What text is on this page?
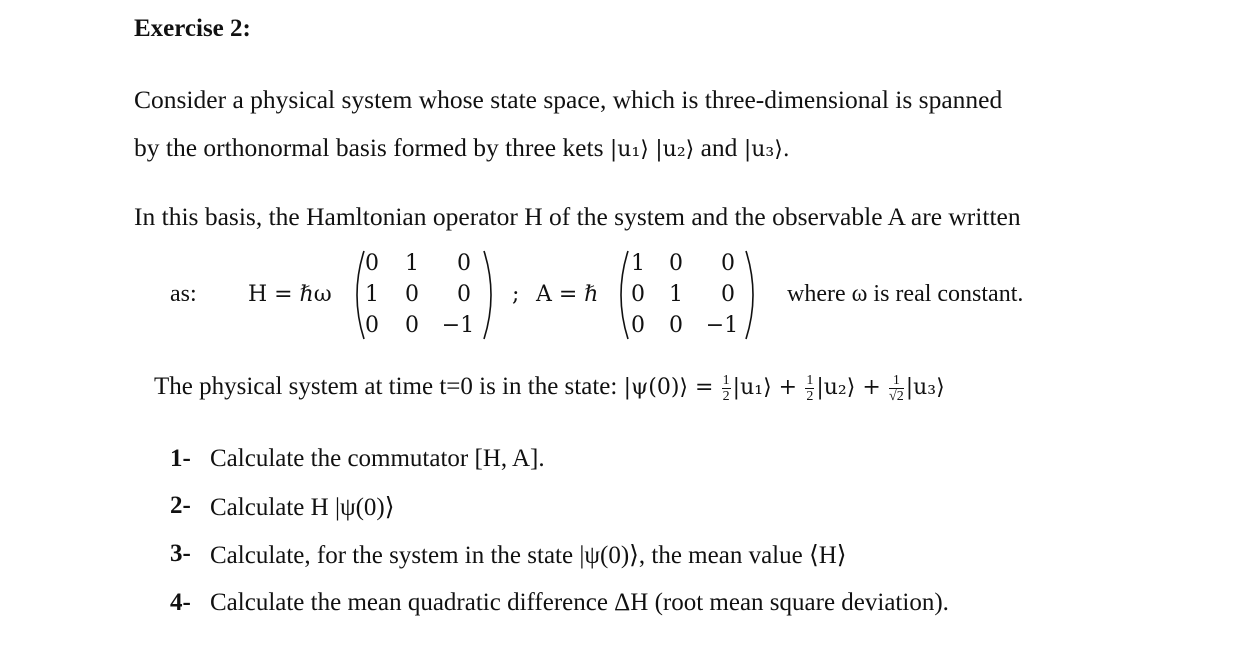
Exercise 2:
Consider a physical system whose state space, which is three-dimensional is spanned
by the orthonormal basis formed by three kets |u₁⟩ |u₂⟩ and |u₃⟩.
In this basis, the Hamltonian operator H of the system and the observable A are written
as: H = ℏω
0	1	0
1	0	0
0	0	−1
; A = ℏ
1	0	0
0	1	0
0	0	−1
where ω is real constant.
The physical system at time t=0 is in the state: |ψ(0)⟩ = $\frac{1}{2}$ |u₁⟩ + $\frac{1}{2}$ |u₂⟩ + $\frac{1}{√2}$ |u₃⟩
1- Calculate the commutator [H, A].
2- Calculate H |ψ(0)⟩
3- Calculate, for the system in the state |ψ(0)⟩, the mean value ⟨H⟩
4- Calculate the mean quadratic difference ΔH (root mean square deviation).
